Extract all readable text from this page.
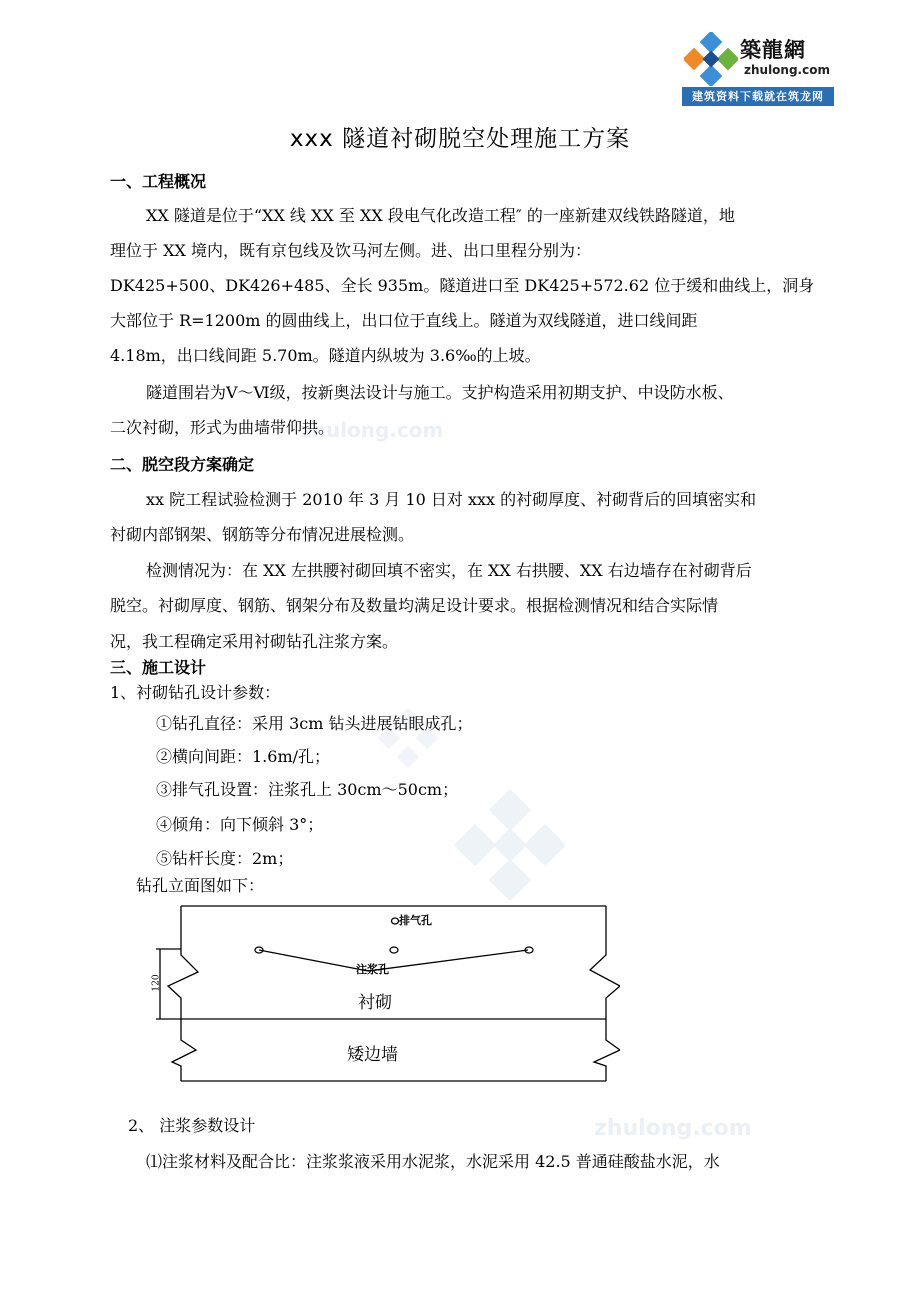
築龍網
zhulong.com
建筑资料下载就在筑龙网
zhulong.com
zhulong.com
xxx 隧道衬砌脱空处理施工方案
一、工程概况
XX 隧道是位于“XX 线 XX 至 XX 段电气化改造工程″ 的一座新建双线铁路隧道，地
理位于 XX 境内，既有京包线及饮马河左侧。进、出口里程分别为：
DK425+500、DK426+485、全长 935m。隧道进口至 DK425+572.62 位于缓和曲线上，洞身
大部位于 R=1200m 的圆曲线上，出口位于直线上。隧道为双线隧道，进口线间距
4.18m，出口线间距 5.70m。隧道内纵坡为 3.6‰的上坡。
隧道围岩为Ⅴ～Ⅵ级，按新奥法设计与施工。支护构造采用初期支护、中设防水板、
二次衬砌，形式为曲墙带仰拱。
二、脱空段方案确定
xx 院工程试验检测于 2010 年 3 月 10 日对 xxx 的衬砌厚度、衬砌背后的回填密实和
衬砌内部钢架、钢筋等分布情况进展检测。
检测情况为：在 XX 左拱腰衬砌回填不密实，在 XX 右拱腰、XX 右边墙存在衬砌背后
脱空。衬砌厚度、钢筋、钢架分布及数量均满足设计要求。根据检测情况和结合实际情
况，我工程确定采用衬砌钻孔注浆方案。
三、施工设计
1、衬砌钻孔设计参数：
①钻孔直径：采用 3cm 钻头进展钻眼成孔；
②横向间距：1.6m/孔；
③排气孔设置：注浆孔上 30cm～50cm；
④倾角：向下倾斜 3°；
⑤钻杆长度：2m；
钻孔立面图如下：
排气孔
注浆孔
衬砌
矮边墙
120
2、 注浆参数设计
⑴注浆材料及配合比：注浆浆液采用水泥浆，水泥采用 42.5 普通硅酸盐水泥，水
